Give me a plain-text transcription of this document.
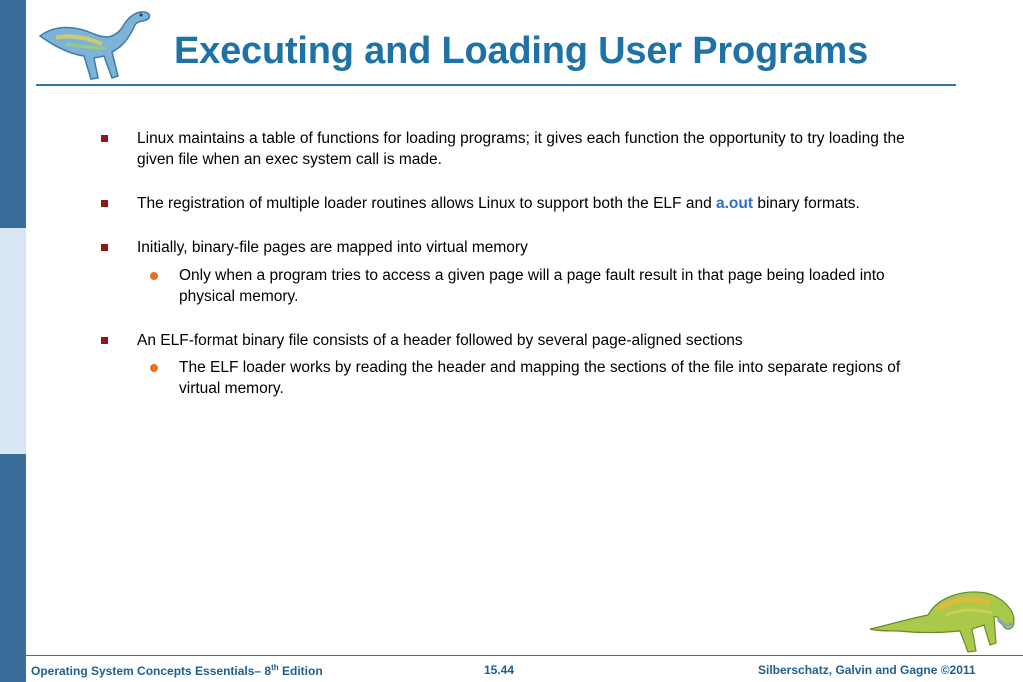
Executing and Loading User Programs
Linux maintains a table of functions for loading programs; it gives each function the opportunity to try loading the given file when an exec system call is made.
The registration of multiple loader routines allows Linux to support both the ELF and a.out binary formats.
Initially, binary-file pages are mapped into virtual memory
Only when a program tries to access a given page will a page fault result in that page being loaded into physical memory.
An ELF-format binary file consists of a header followed by several page-aligned sections
The ELF loader works by reading the header and mapping the sections of the file into separate regions of virtual memory.
Operating System Concepts Essentials– 8th Edition	15.44	Silberschatz, Galvin and Gagne ©2011
